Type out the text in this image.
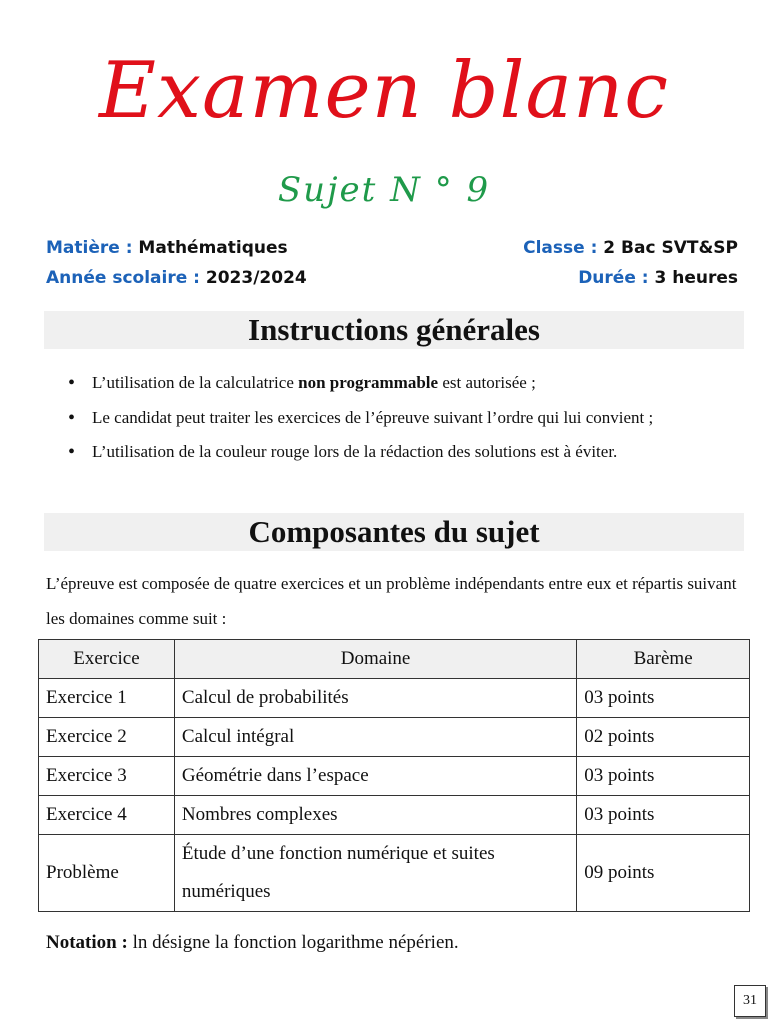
Examen blanc
Sujet N ° 9
Matière : Mathématiques	Classe : 2 Bac SVT&SP
Année scolaire : 2023/2024	Durée : 3 heures
Instructions générales
• L’utilisation de la calculatrice non programmable est autorisée ;
• Le candidat peut traiter les exercices de l’épreuve suivant l’ordre qui lui convient ;
• L’utilisation de la couleur rouge lors de la rédaction des solutions est à éviter.
Composantes du sujet
L’épreuve est composée de quatre exercices et un problème indépendants entre eux et répartis suivant les domaines comme suit :
Exercice	Domaine	Barème
Exercice 1	Calcul de probabilités	03 points
Exercice 2	Calcul intégral	02 points
Exercice 3	Géométrie dans l’espace	03 points
Exercice 4	Nombres complexes	03 points
Problème	Étude d’une fonction numérique et suites numériques	09 points
Notation : ln désigne la fonction logarithme népérien.
31
